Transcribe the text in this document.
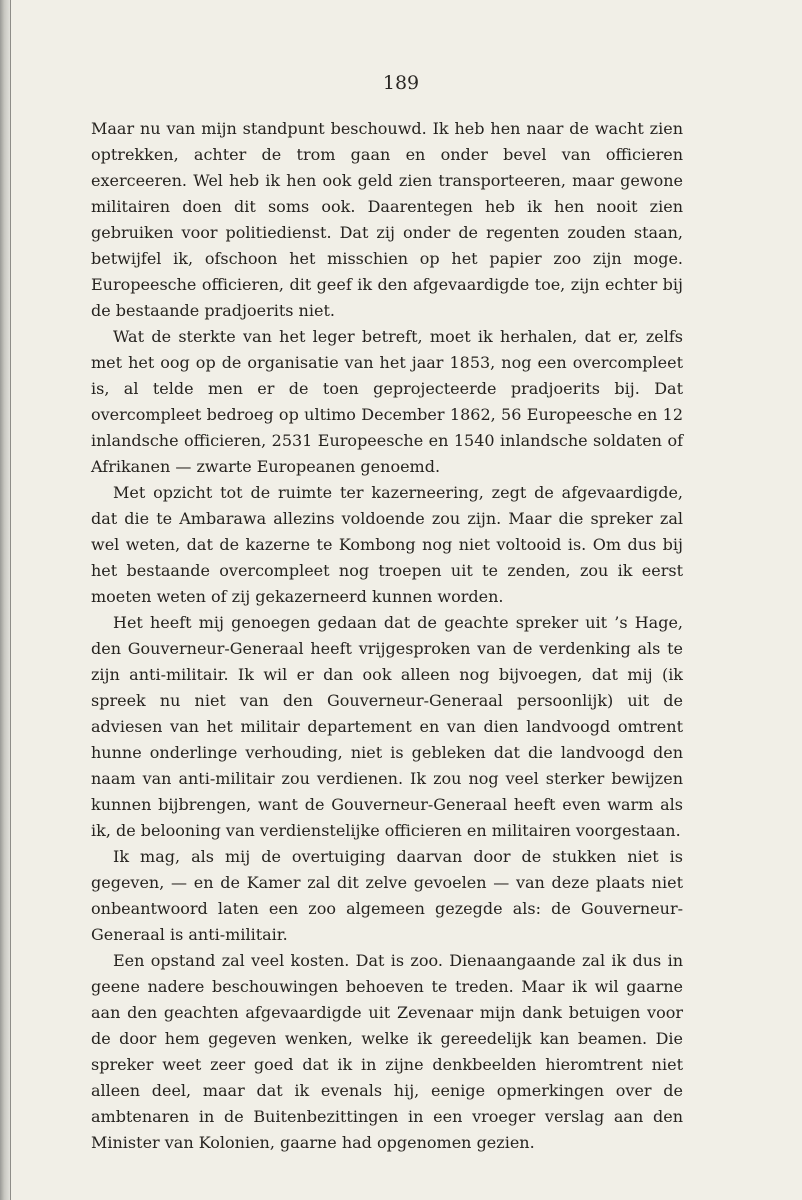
189

Maar nu van mijn standpunt beschouwd. Ik heb hen naar de wacht zien optrekken, achter de trom gaan en onder bevel van officieren exerceeren. Wel heb ik hen ook geld zien transporteeren, maar gewone militairen doen dit soms ook. Daarentegen heb ik hen nooit zien gebruiken voor politiedienst. Dat zij onder de regenten zouden staan, betwijfel ik, ofschoon het misschien op het papier zoo zijn moge. Europeesche officieren, dit geef ik den afgevaardigde toe, zijn echter bij de bestaande pradjoerits niet.

Wat de sterkte van het leger betreft, moet ik herhalen, dat er, zelfs met het oog op de organisatie van het jaar 1853, nog een overcompleet is, al telde men er de toen geprojecteerde pradjoerits bij. Dat overcompleet bedroeg op ultimo December 1862, 56 Europeesche en 12 inlandsche officieren, 2531 Europeesche en 1540 inlandsche soldaten of Afrikanen — zwarte Europeanen genoemd.

Met opzicht tot de ruimte ter kazerneering, zegt de afgevaardigde, dat die te Ambarawa allezins voldoende zou zijn. Maar die spreker zal wel weten, dat de kazerne te Kombong nog niet voltooid is. Om dus bij het bestaande overcompleet nog troepen uit te zenden, zou ik eerst moeten weten of zij gekazerneerd kunnen worden.

Het heeft mij genoegen gedaan dat de geachte spreker uit ’s Hage, den Gouverneur-Generaal heeft vrijgesproken van de verdenking als te zijn anti-militair. Ik wil er dan ook alleen nog bijvoegen, dat mij (ik spreek nu niet van den Gouverneur-Generaal persoonlijk) uit de adviesen van het militair departement en van dien landvoogd omtrent hunne onderlinge verhouding, niet is gebleken dat die landvoogd den naam van anti-militair zou verdienen. Ik zou nog veel sterker bewijzen kunnen bijbrengen, want de Gouverneur-Generaal heeft even warm als ik, de belooning van verdienstelijke officieren en militairen voorgestaan.

Ik mag, als mij de overtuiging daarvan door de stukken niet is gegeven, — en de Kamer zal dit zelve gevoelen — van deze plaats niet onbeantwoord laten een zoo algemeen gezegde als: de Gouverneur-Generaal is anti-militair.

Een opstand zal veel kosten. Dat is zoo. Dienaangaande zal ik dus in geene nadere beschouwingen behoeven te treden. Maar ik wil gaarne aan den geachten afgevaardigde uit Zevenaar mijn dank betuigen voor de door hem gegeven wenken, welke ik gereedelijk kan beamen. Die spreker weet zeer goed dat ik in zijne denkbeelden hieromtrent niet alleen deel, maar dat ik evenals hij, eenige opmerkingen over de ambtenaren in de Buitenbezittingen in een vroeger verslag aan den Minister van Kolonien, gaarne had opgenomen gezien.
